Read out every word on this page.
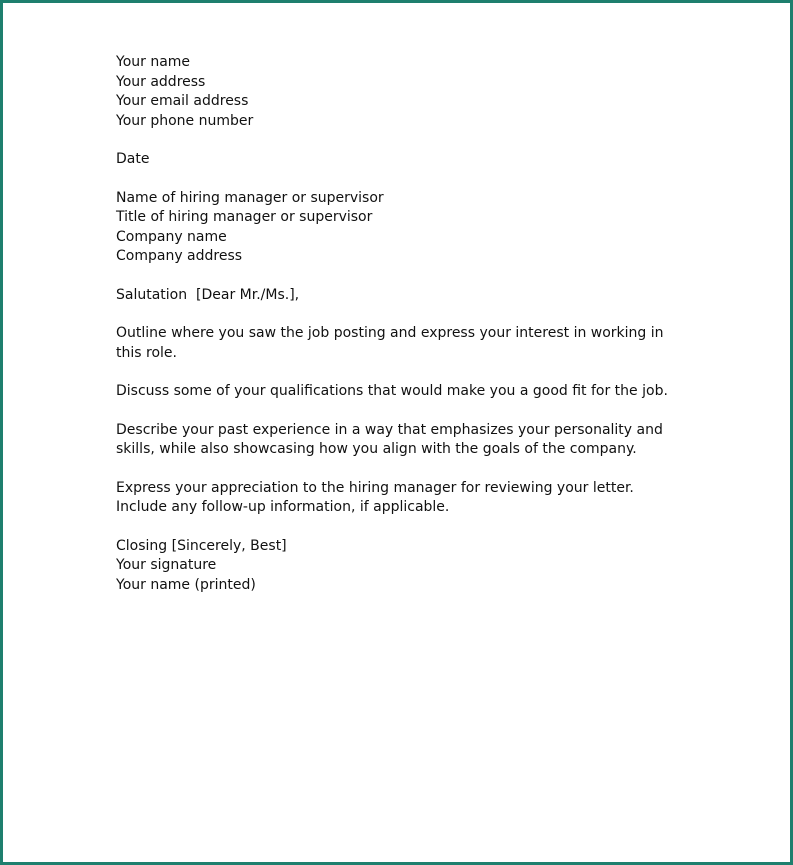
Your name
Your address
Your email address
Your phone number
Date
Name of hiring manager or supervisor
Title of hiring manager or supervisor
Company name
Company address
Salutation  [Dear Mr./Ms.],
Outline where you saw the job posting and express your interest in working in this role.
Discuss some of your qualifications that would make you a good fit for the job.
Describe your past experience in a way that emphasizes your personality and skills, while also showcasing how you align with the goals of the company.
Express your appreciation to the hiring manager for reviewing your letter. Include any follow-up information, if applicable.
Closing [Sincerely, Best]
Your signature
Your name (printed)
